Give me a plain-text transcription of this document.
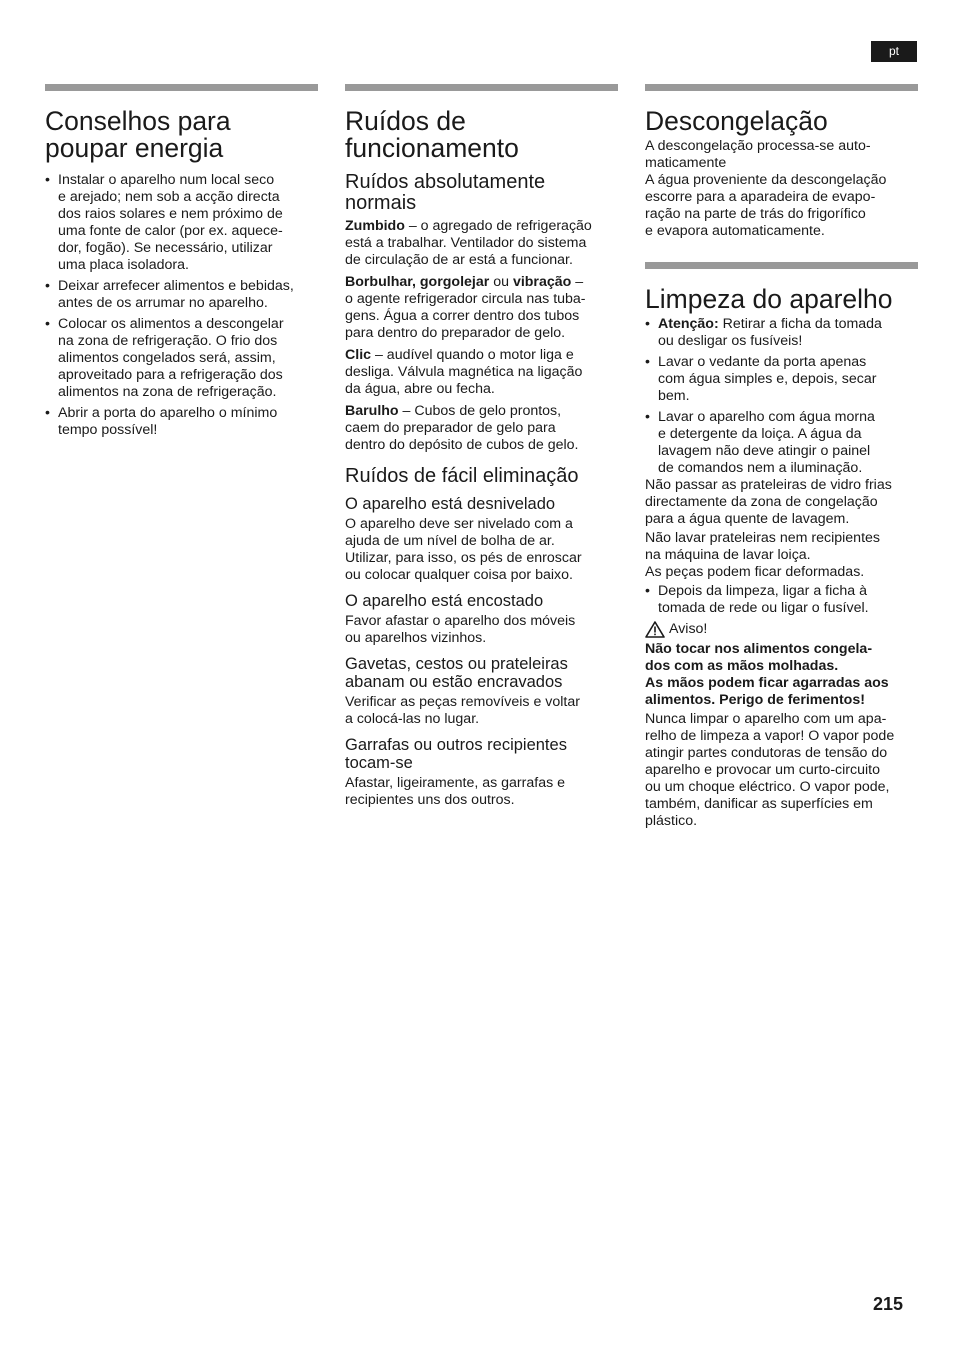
pt
Conselhos para
poupar energia
• Instalar o aparelho num local seco
e arejado; nem sob a acção directa
dos raios solares e nem próximo de
uma fonte de calor (por ex. aquece-
dor, fogão). Se necessário, utilizar
uma placa isoladora.
• Deixar arrefecer alimentos e bebidas,
antes de os arrumar no aparelho.
• Colocar os alimentos a descongelar
na zona de refrigeração. O frio dos
alimentos congelados será, assim,
aproveitado para a refrigeração dos
alimentos na zona de refrigeração.
• Abrir a porta do aparelho o mínimo
tempo possível!
Ruídos de
funcionamento
Ruídos absolutamente
normais

Zumbido – o agregado de refrigeração
está a trabalhar. Ventilador do sistema
de circulação de ar está a funcionar.

Borbulhar, gorgolejar ou vibração –
o agente refrigerador circula nas tuba-
gens. Água a correr dentro dos tubos
para dentro do preparador de gelo.

Clic – audível quando o motor liga e
desliga. Válvula magnética na ligação
da água, abre ou fecha.

Barulho – Cubos de gelo prontos,
caem do preparador de gelo para
dentro do depósito de cubos de gelo.

Ruídos de fácil eliminação
O aparelho está desnivelado

O aparelho deve ser nivelado com a
ajuda de um nível de bolha de ar.
Utilizar, para isso, os pés de enroscar
ou colocar qualquer coisa por baixo.

O aparelho está encostado

Favor afastar o aparelho dos móveis
ou aparelhos vizinhos.

Gavetas, cestos ou prateleiras
abanam ou estão encravados

Verificar as peças removíveis e voltar
a colocá-las no lugar.

Garrafas ou outros recipientes
tocam-se

Afastar, ligeiramente, as garrafas e
recipientes uns dos outros.

Descongelação

A descongelação processa-se auto-
maticamente
A água proveniente da descongelação
escorre para a aparadeira de evapo-
ração na parte de trás do frigorífico
e evapora automaticamente.

Limpeza do aparelho
• Atenção: Retirar a ficha da tomada
ou desligar os fusíveis!
• Lavar o vedante da porta apenas
com água simples e, depois, secar
bem.
• Lavar o aparelho com água morna
e detergente da loiça. A água da
lavagem não deve atingir o painel
de comandos nem a iluminação.

Não passar as prateleiras de vidro frias
directamente da zona de congelação
para a água quente de lavagem.

Não lavar prateleiras nem recipientes
na máquina de lavar loiça.
As peças podem ficar deformadas.

• Depois da limpeza, ligar a ficha à
tomada de rede ou ligar o fusível.
Aviso!

Não tocar nos alimentos congela-
dos com as mãos molhadas.
As mãos podem ficar agarradas aos
alimentos. Perigo de ferimentos!

Nunca limpar o aparelho com um apa-
relho de limpeza a vapor! O vapor pode
atingir partes condutoras de tensão do
aparelho e provocar um curto-circuito
ou um choque eléctrico. O vapor pode,
também, danificar as superfícies em
plástico.

215
